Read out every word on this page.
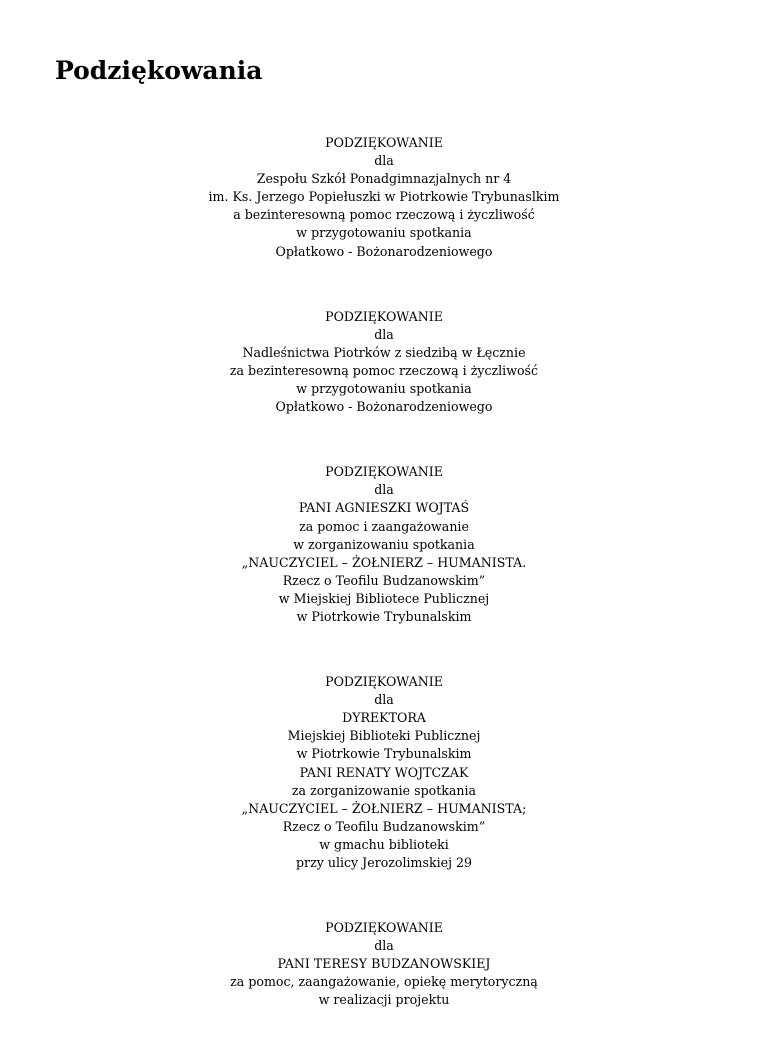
Podziękowania
PODZIĘKOWANIE
dla
Zespołu Szkół Ponadgimnazjalnych nr 4
im. Ks. Jerzego Popiełuszki w Piotrkowie Trybunaslkim
a bezinteresowną pomoc rzeczową i życzliwość
w przygotowaniu spotkania
Opłatkowo - Bożonarodzeniowego
PODZIĘKOWANIE
dla
Nadleśnictwa Piotrków z siedzibą w Łęcznie
za bezinteresowną pomoc rzeczową i życzliwość
w przygotowaniu spotkania
Opłatkowo - Bożonarodzeniowego
PODZIĘKOWANIE
dla
PANI AGNIESZKI WOJTAŚ
za pomoc i zaangażowanie
w zorganizowaniu spotkania
„NAUCZYCIEL – ŻOŁNIERZ – HUMANISTA.
Rzecz o Teofilu Budzanowskim”
w Miejskiej Bibliotece Publicznej
w Piotrkowie Trybunalskim
PODZIĘKOWANIE
dla
DYREKTORA
Miejskiej Biblioteki Publicznej
w Piotrkowie Trybunalskim
PANI RENATY WOJTCZAK
za zorganizowanie spotkania
„NAUCZYCIEL – ŻOŁNIERZ – HUMANISTA;
Rzecz o Teofilu Budzanowskim”
w gmachu biblioteki
przy ulicy Jerozolimskiej 29
PODZIĘKOWANIE
dla
PANI TERESY BUDZANOWSKIEJ
za pomoc, zaangażowanie, opiekę merytoryczną
w realizacji projektu
